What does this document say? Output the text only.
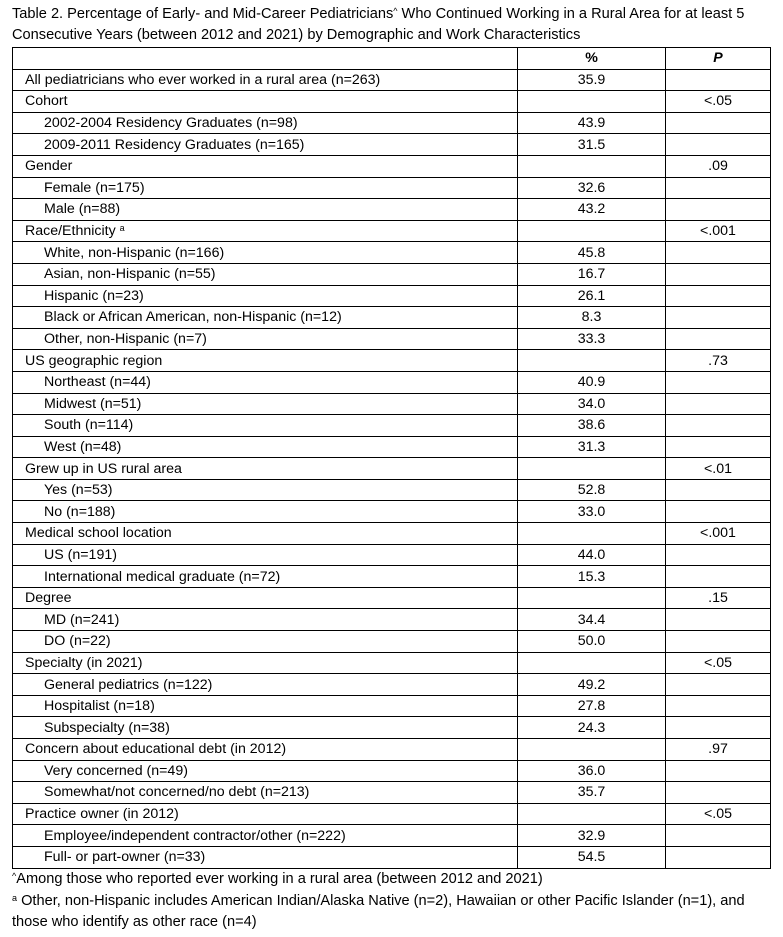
Table 2. Percentage of Early- and Mid-Career Pediatricians^ Who Continued Working in a Rural Area for at least 5 Consecutive Years (between 2012 and 2021) by Demographic and Work Characteristics
	%	P
All pediatricians who ever worked in a rural area (n=263)	35.9	
Cohort		<.05
2002-2004 Residency Graduates (n=98)	43.9	
2009-2011 Residency Graduates (n=165)	31.5	
Gender		.09
Female (n=175)	32.6	
Male (n=88)	43.2	
Race/Ethnicity $^a$		<.001
White, non-Hispanic (n=166)	45.8	
Asian, non-Hispanic (n=55)	16.7	
Hispanic (n=23)	26.1	
Black or African American, non-Hispanic (n=12)	8.3	
Other, non-Hispanic (n=7)	33.3	
US geographic region		.73
Northeast (n=44)	40.9	
Midwest (n=51)	34.0	
South (n=114)	38.6	
West (n=48)	31.3	
Grew up in US rural area		<.01
Yes (n=53)	52.8	
No (n=188)	33.0	
Medical school location		<.001
US (n=191)	44.0	
International medical graduate (n=72)	15.3	
Degree		.15
MD (n=241)	34.4	
DO (n=22)	50.0	
Specialty (in 2021)		<.05
General pediatrics (n=122)	49.2	
Hospitalist (n=18)	27.8	
Subspecialty (n=38)	24.3	
Concern about educational debt (in 2012)		.97
Very concerned (n=49)	36.0	
Somewhat/not concerned/no debt (n=213)	35.7	
Practice owner (in 2012)		<.05
Employee/independent contractor/other (n=222)	32.9	
Full- or part-owner (n=33)	54.5	
^Among those who reported ever working in a rural area (between 2012 and 2021)
$^a$ Other, non-Hispanic includes American Indian/Alaska Native (n=2), Hawaiian or other Pacific Islander (n=1), and those who identify as other race (n=4)
